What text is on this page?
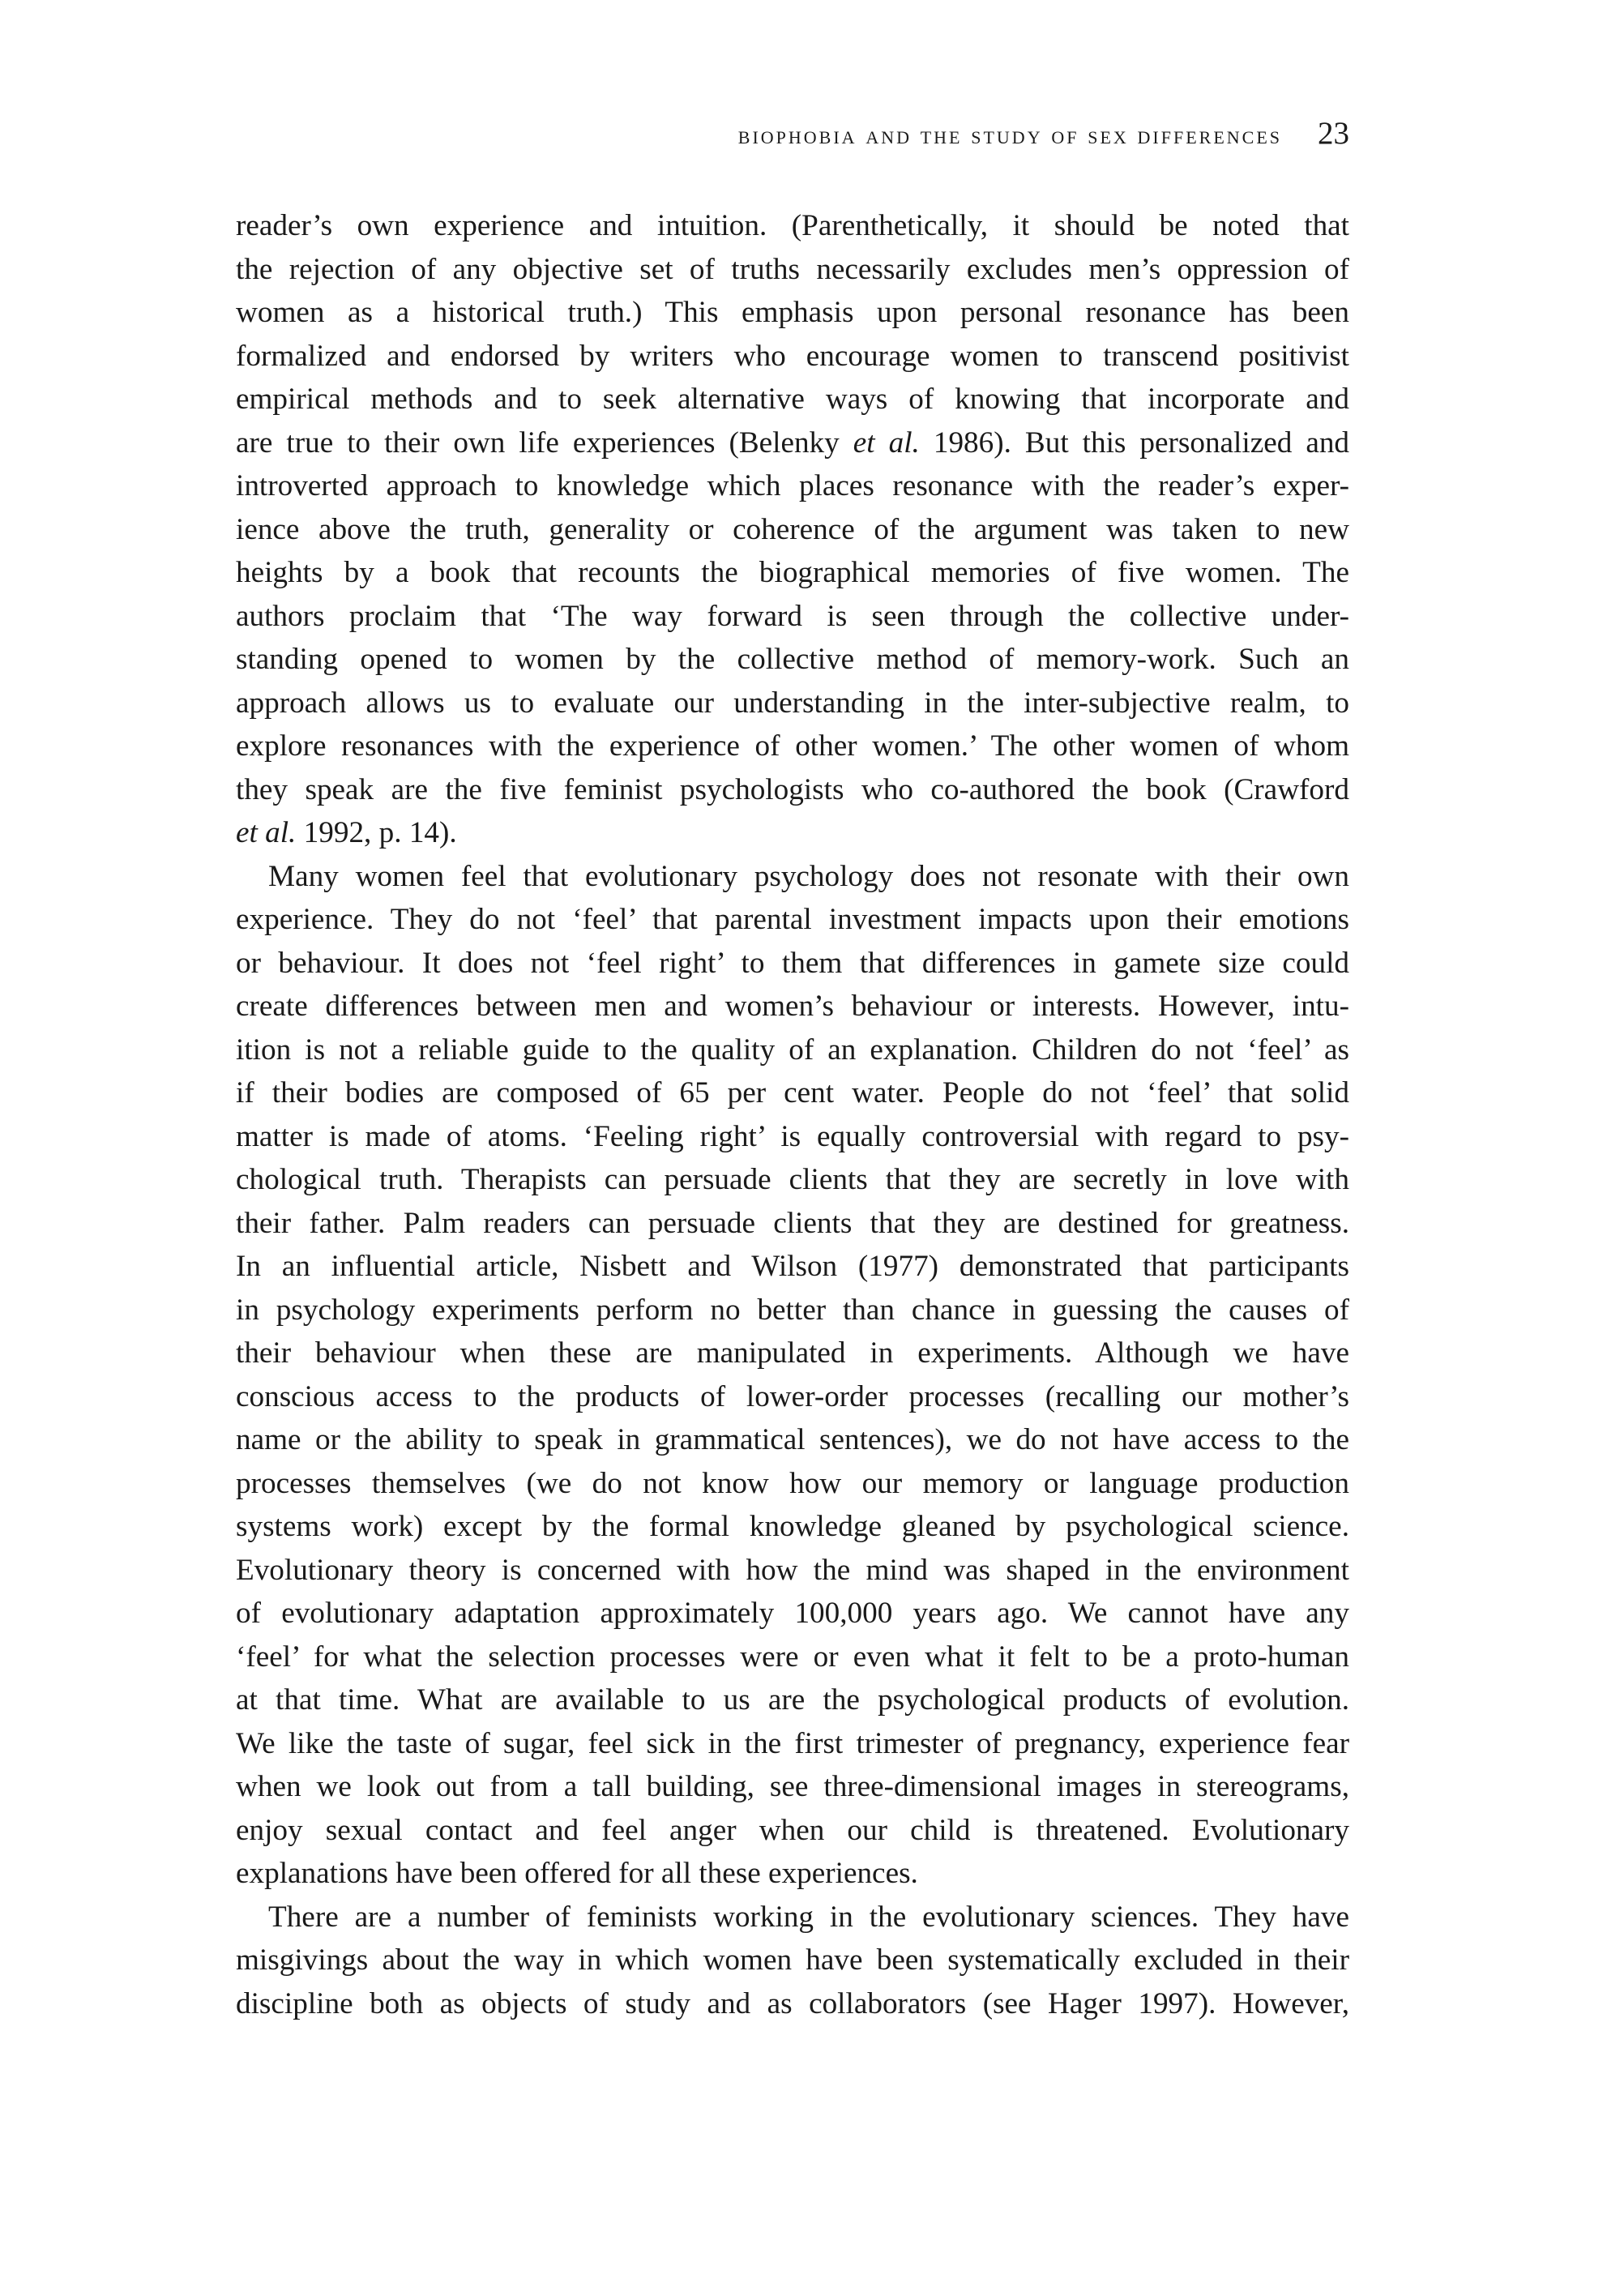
biophobia and the study of sex differences 23
reader’s own experience and intuition. (Parenthetically, it should be noted that
the rejection of any objective set of truths necessarily excludes men’s oppression of
women as a historical truth.) This emphasis upon personal resonance has been
formalized and endorsed by writers who encourage women to transcend positivist
empirical methods and to seek alternative ways of knowing that incorporate and
are true to their own life experiences (Belenky et al. 1986). But this personalized and
introverted approach to knowledge which places resonance with the reader’s exper-
ience above the truth, generality or coherence of the argument was taken to new
heights by a book that recounts the biographical memories of five women. The
authors proclaim that ‘The way forward is seen through the collective under-
standing opened to women by the collective method of memory-work. Such an
approach allows us to evaluate our understanding in the inter-subjective realm, to
explore resonances with the experience of other women.’ The other women of whom
they speak are the five feminist psychologists who co-authored the book (Crawford
et al. 1992, p. 14).
Many women feel that evolutionary psychology does not resonate with their own
experience. They do not ‘feel’ that parental investment impacts upon their emotions
or behaviour. It does not ‘feel right’ to them that differences in gamete size could
create differences between men and women’s behaviour or interests. However, intu-
ition is not a reliable guide to the quality of an explanation. Children do not ‘feel’ as
if their bodies are composed of 65 per cent water. People do not ‘feel’ that solid
matter is made of atoms. ‘Feeling right’ is equally controversial with regard to psy-
chological truth. Therapists can persuade clients that they are secretly in love with
their father. Palm readers can persuade clients that they are destined for greatness.
In an influential article, Nisbett and Wilson (1977) demonstrated that participants
in psychology experiments perform no better than chance in guessing the causes of
their behaviour when these are manipulated in experiments. Although we have
conscious access to the products of lower-order processes (recalling our mother’s
name or the ability to speak in grammatical sentences), we do not have access to the
processes themselves (we do not know how our memory or language production
systems work) except by the formal knowledge gleaned by psychological science.
Evolutionary theory is concerned with how the mind was shaped in the environment
of evolutionary adaptation approximately 100,000 years ago. We cannot have any
‘feel’ for what the selection processes were or even what it felt to be a proto-human
at that time. What are available to us are the psychological products of evolution.
We like the taste of sugar, feel sick in the first trimester of pregnancy, experience fear
when we look out from a tall building, see three-dimensional images in stereograms,
enjoy sexual contact and feel anger when our child is threatened. Evolutionary
explanations have been offered for all these experiences.
There are a number of feminists working in the evolutionary sciences. They have
misgivings about the way in which women have been systematically excluded in their
discipline both as objects of study and as collaborators (see Hager 1997). However,
